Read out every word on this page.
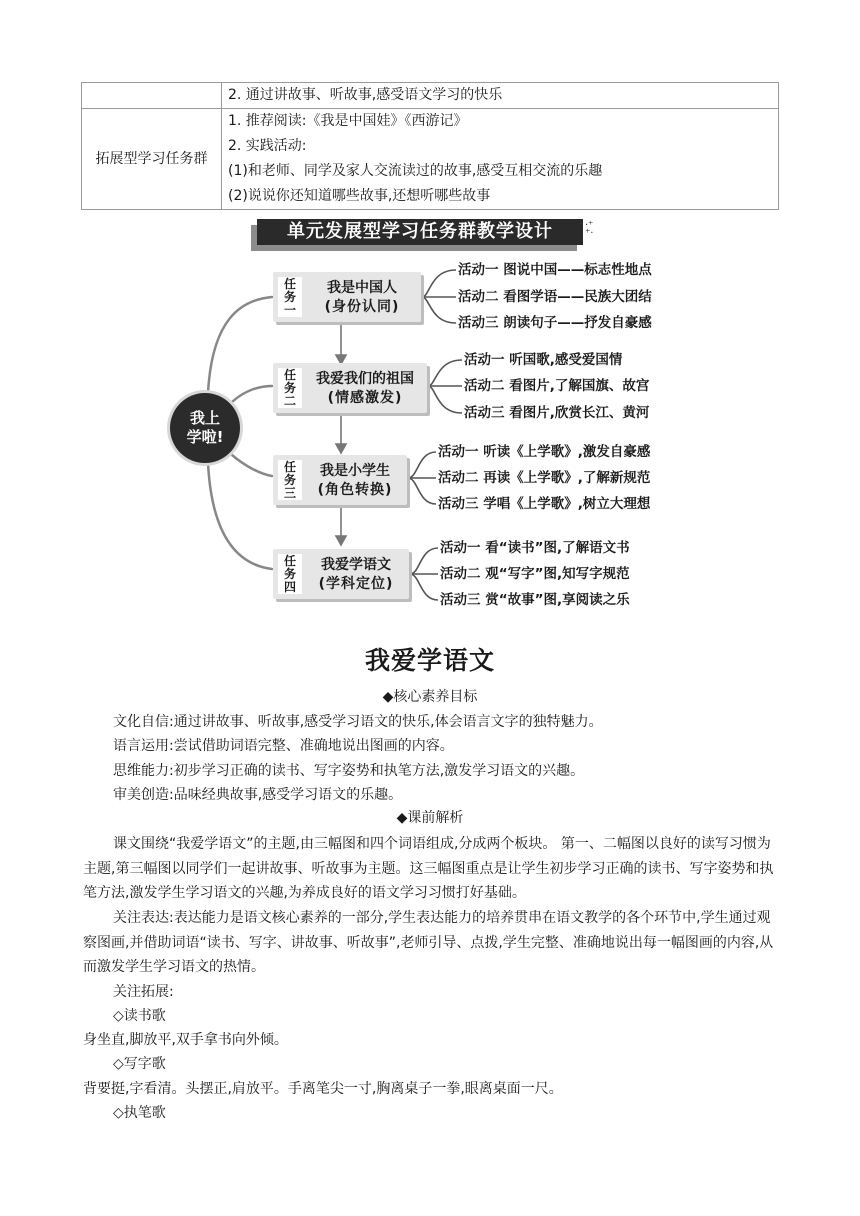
	2. 通过讲故事、听故事,感受语文学习的快乐

拓展型学习任务群	1. 推荐阅读:《我是中国娃》《西游记》
2. 实践活动:
(1)和老师、同学及家人交流读过的故事,感受互相交流的乐趣
(2)说说你还知道哪些故事,还想听哪些故事
单元发展型学习任务群教学设计	·⁺
⁺·
我上
学啦!
任
务
一
我是中国人
(身份认同)
活动一 图说中国——标志性地点
活动二 看图学语——民族大团结
活动三 朗读句子——抒发自豪感
任
务
二
我爱我们的祖国
(情感激发)
活动一 听国歌,感受爱国情
活动二 看图片,了解国旗、故宫
活动三 看图片,欣赏长江、黄河
任
务
三
我是小学生
(角色转换)
活动一 听读《上学歌》,激发自豪感
活动二 再读《上学歌》,了解新规范
活动三 学唱《上学歌》,树立大理想
任
务
四
我爱学语文
(学科定位)
活动一 看“读书”图,了解语文书
活动二 观“写字”图,知写字规范
活动三 赏“故事”图,享阅读之乐
我爱学语文
◆核心素养目标
文化自信:通过讲故事、听故事,感受学习语文的快乐,体会语言文字的独特魅力。
语言运用:尝试借助词语完整、准确地说出图画的内容。
思维能力:初步学习正确的读书、写字姿势和执笔方法,激发学习语文的兴趣。
审美创造:品味经典故事,感受学习语文的乐趣。
◆课前解析
课文围绕“我爱学语文”的主题,由三幅图和四个词语组成,分成两个板块。 第一、二幅图以良好的读写习惯为主题,第三幅图以同学们一起讲故事、听故事为主题。这三幅图重点是让学生初步学习正确的读书、写字姿势和执笔方法,激发学生学习语文的兴趣,为养成良好的语文学习习惯打好基础。
关注表达:表达能力是语文核心素养的一部分,学生表达能力的培养贯串在语文教学的各个环节中,学生通过观察图画,并借助词语“读书、写字、讲故事、听故事”,老师引导、点拨,学生完整、准确地说出每一幅图画的内容,从而激发学生学习语文的热情。
关注拓展:
◇读书歌
身坐直,脚放平,双手拿书向外倾。
◇写字歌
背要挺,字看清。头摆正,肩放平。手离笔尖一寸,胸离桌子一拳,眼离桌面一尺。
◇执笔歌
